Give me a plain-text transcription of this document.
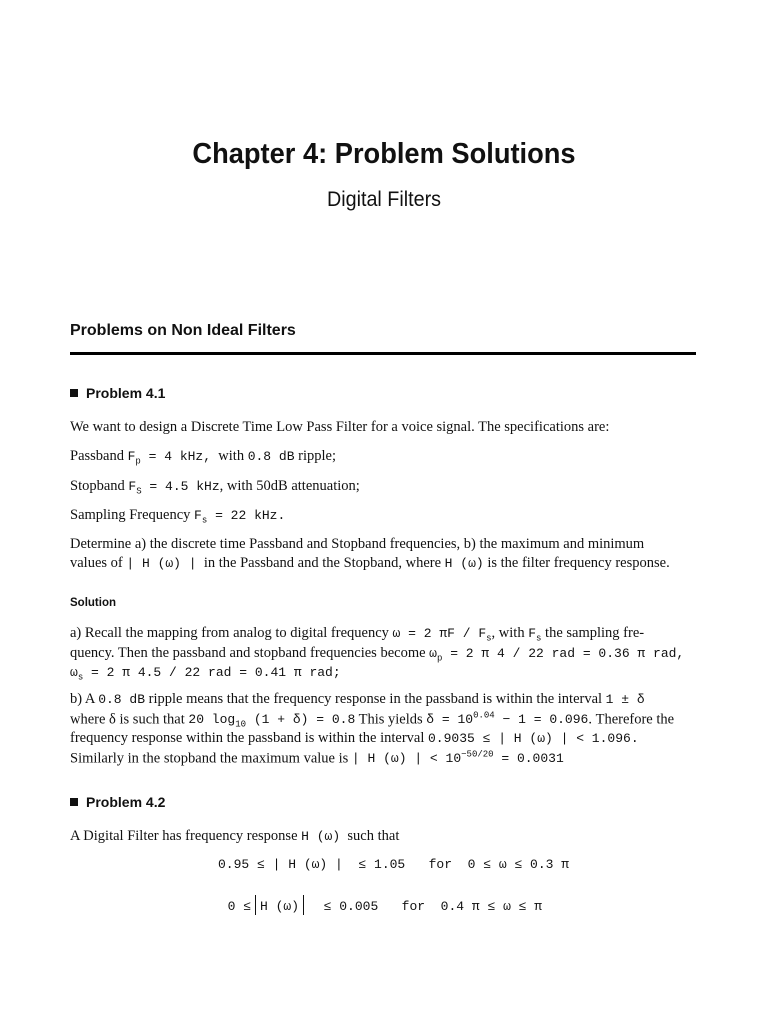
Chapter 4: Problem Solutions
Digital Filters
Problems on Non Ideal Filters
Problem 4.1
We want to design a Discrete Time Low Pass Filter for a voice signal. The specifications are:
Passband $F_p = 4$ kHz, with 0.8 dB ripple;
Stopband $F_S = 4.5$ kHz, with 50dB attenuation;
Sampling Frequency $F_s = 22$ kHz.
Determine a) the discrete time Passband and Stopband frequencies, b) the maximum and minimum
values of | H (ω) | in the Passband and the Stopband, where H (ω) is the filter frequency response.
Solution
a) Recall the mapping from analog to digital frequency ω = 2 πF / $F_s$, with $F_s$ the sampling fre-
quency. Then the passband and stopband frequencies become $\omega_p = 2$ π 4 / 22 rad = 0.36 π rad,
$\omega_s = 2$ π 4.5 / 22 rad = 0.41 π rad;
b) A 0.8 dB ripple means that the frequency response in the passband is within the interval 1 ± δ
where δ is such that 20 $\log_{10} (1 + \delta) = 0.8$ This yields $\delta = 10^{0.04} - 1 = 0.096$. Therefore the
frequency response within the passband is within the interval 0.9035 ≤ | H (ω) | < 1.096.
Similarly in the stopband the maximum value is | H (ω) | < $10^{-50/20} = 0.0031$
Problem 4.2
A Digital Filter has frequency response H (ω) such that
0.95 ≤ | H (ω) |  ≤ 1.05   for  0 ≤ ω ≤ 0.3 π

0 ≤ H (ω) ≤ 0.005   for  0.4 π ≤ ω ≤ π
